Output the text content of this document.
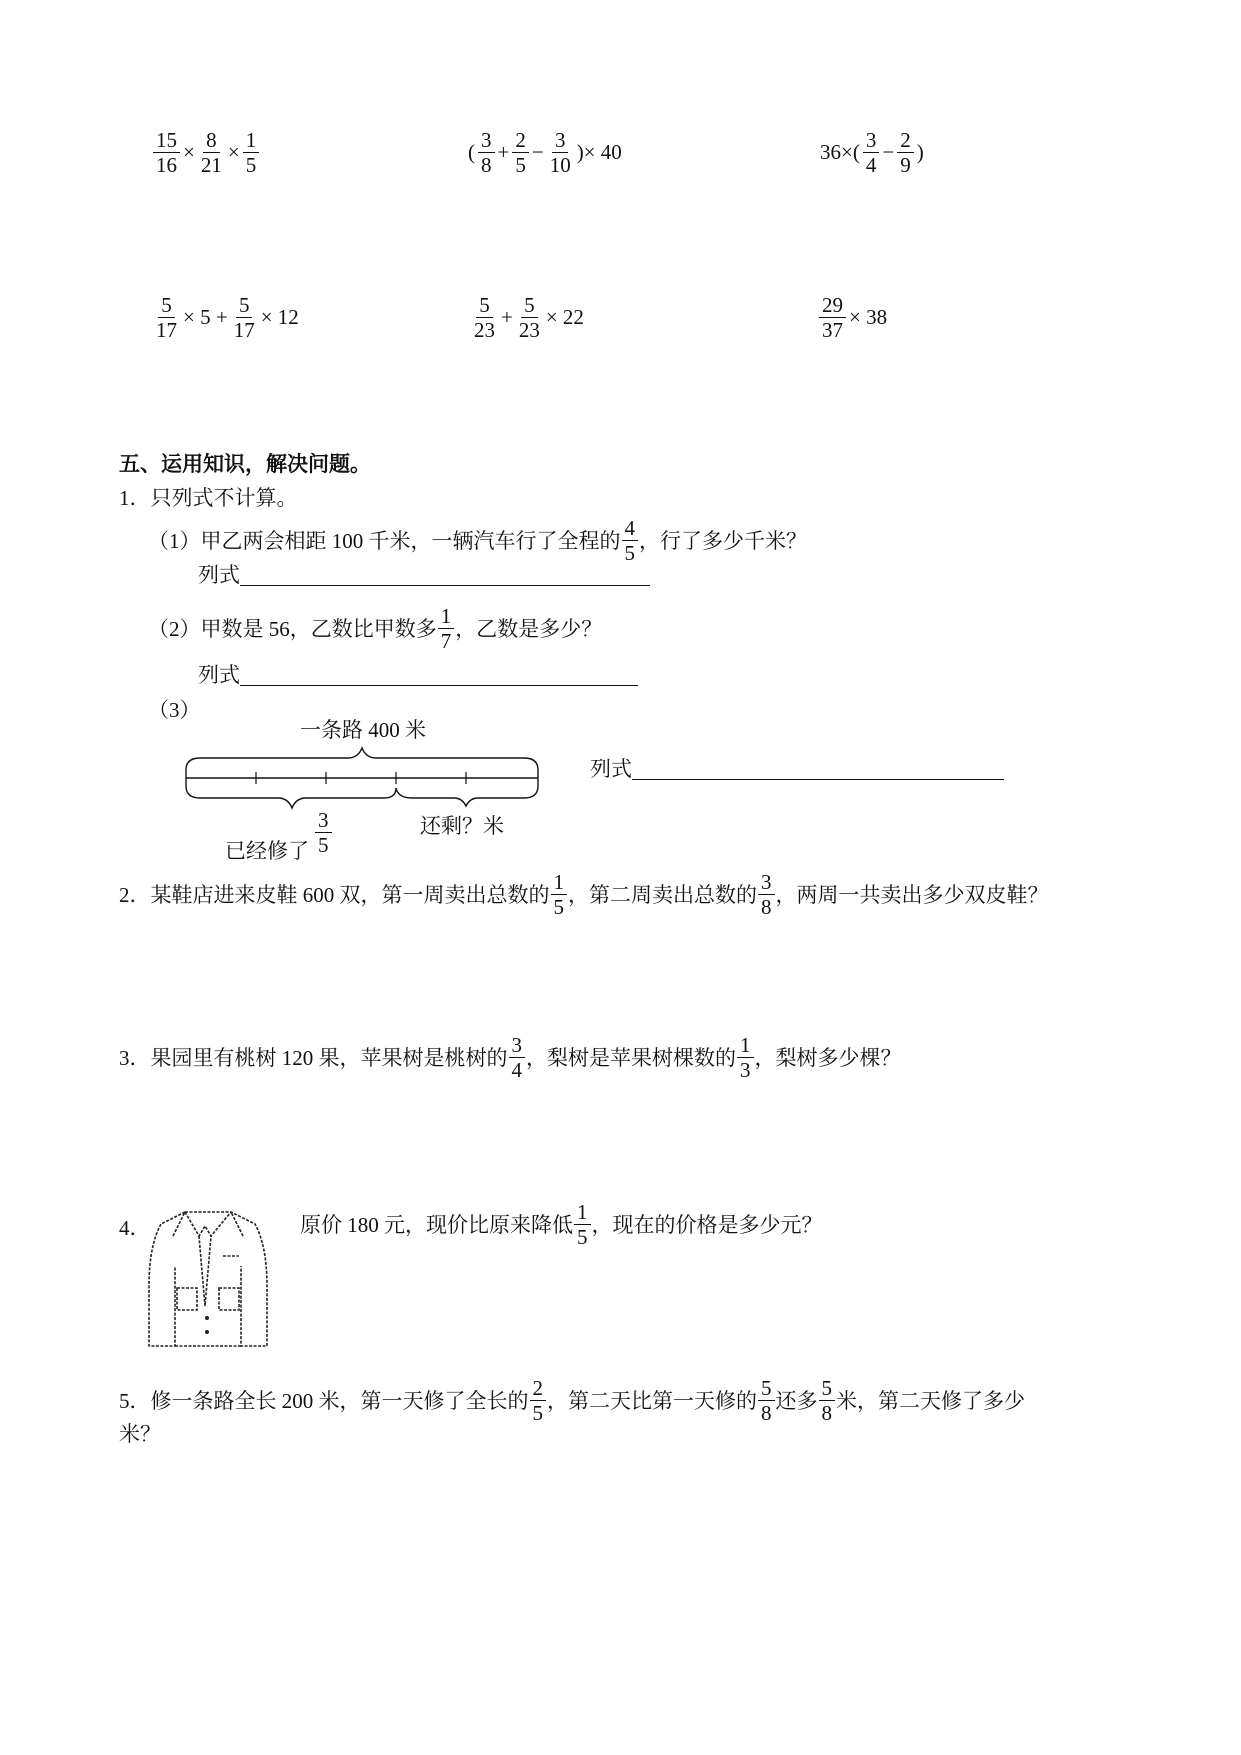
$\frac{15}{16} \times \frac{8}{21} \times \frac{1}{5}$	( $\frac{3}{8} + \frac{2}{5} - \frac{3}{10}$ )× 40	$36\times( \frac{3}{4} - \frac{2}{9}$ )
$\frac{5}{17} \times 5 + \frac{5}{17} \times 12$	$\frac{5}{23} + \frac{5}{23} \times 22$	$\frac{29}{37} \times 38$
五、运用知识，解决问题。
1．只列式不计算。
（1）甲乙两会相距 100 千米，一辆汽车行了全程的 $\frac{4}{5}$ ，行了多少千米？
列式
（2）甲数是 56，乙数比甲数多 $\frac{1}{7}$ ，乙数是多少？
列式
（3）
一条路 400 米
列式
已经修了 $\frac{3}{5}$	还剩？米
2．某鞋店进来皮鞋 600 双，第一周卖出总数的 $\frac{1}{5}$ ，第二周卖出总数的 $\frac{3}{8}$ ，两周一共卖出多少双皮鞋？
3．果园里有桃树 120 果，苹果树是桃树的 $\frac{3}{4}$ ，梨树是苹果树棵数的 $\frac{1}{3}$ ，梨树多少棵？
4．	原价 180 元，现价比原来降低 $\frac{1}{5}$ ，现在的价格是多少元？
5．修一条路全长 200 米，第一天修了全长的 $\frac{2}{5}$ ，第二天比第一天修的 $\frac{5}{8}$ 还多 $\frac{5}{8}$ 米，第二天修了多少
米？
